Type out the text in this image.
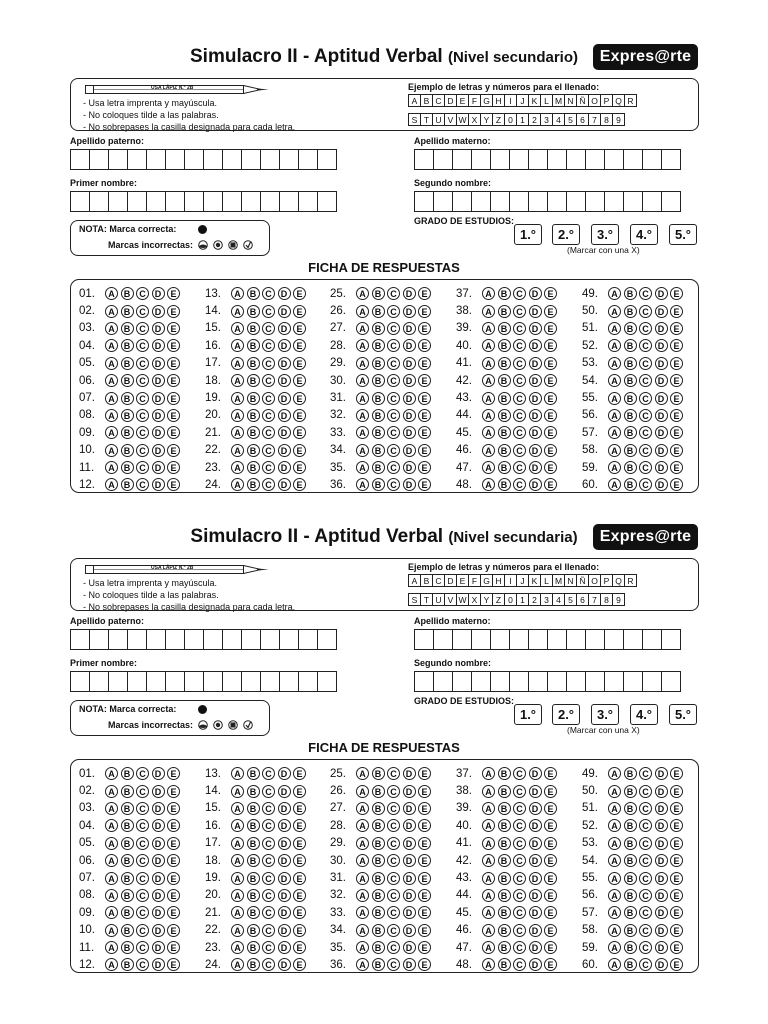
Simulacro II - Aptitud Verbal (Nivel secundario)	Expres@rte
USA LÁPIZ N.° 2B
- Usa letra imprenta y mayúscula.
- No coloques tilde a las palabras.
- No sobrepases la casilla designada para cada letra.
Ejemplo de letras y números para el llenado:
A B C D E F G H I	J K L M N Ñ O P Q R
S T U V W X Y Z 0 1 2 3 4 5 6 7 8 9
Apellido paterno:	Apellido materno:
Primer nombre:	Segundo nombre:
NOTA: Marca correcta:
Marcas incorrectas:
GRADO DE ESTUDIOS:
1.°	2.°	3.°	4.°	5.°
(Marcar con una X)
FICHA DE RESPUESTAS
01.	A	B	C	D	E
02.	A	B	C	D	E
03.	A	B	C	D	E
04.	A	B	C	D	E
05.	A	B	C	D	E
06.	A	B	C	D	E
07.	A	B	C	D	E
08.	A	B	C	D	E
09.	A	B	C	D	E
10.	A	B	C	D	E
11.	A	B	C	D	E
12.	A	B	C	D	E
13.	A	B	C	D	E
14.	A	B	C	D	E
15.	A	B	C	D	E
16.	A	B	C	D	E
17.	A	B	C	D	E
18.	A	B	C	D	E
19.	A	B	C	D	E
20.	A	B	C	D	E
21.	A	B	C	D	E
22.	A	B	C	D	E
23.	A	B	C	D	E
24.	A	B	C	D	E
25.	A	B	C	D	E
26.	A	B	C	D	E
27.	A	B	C	D	E
28.	A	B	C	D	E
29.	A	B	C	D	E
30.	A	B	C	D	E
31.	A	B	C	D	E
32.	A	B	C	D	E
33.	A	B	C	D	E
34.	A	B	C	D	E
35.	A	B	C	D	E
36.	A	B	C	D	E
37.	A	B	C	D	E
38.	A	B	C	D	E
39.	A	B	C	D	E
40.	A	B	C	D	E
41.	A	B	C	D	E
42.	A	B	C	D	E
43.	A	B	C	D	E
44.	A	B	C	D	E
45.	A	B	C	D	E
46.	A	B	C	D	E
47.	A	B	C	D	E
48.	A	B	C	D	E
49.	A	B	C	D	E
50.	A	B	C	D	E
51.	A	B	C	D	E
52.	A	B	C	D	E
53.	A	B	C	D	E
54.	A	B	C	D	E
55.	A	B	C	D	E
56.	A	B	C	D	E
57.	A	B	C	D	E
58.	A	B	C	D	E
59.	A	B	C	D	E
60.	A	B	C	D	E
Simulacro II - Aptitud Verbal (Nivel secundaria)	Expres@rte
USA LÁPIZ N.° 2B
- Usa letra imprenta y mayúscula.
- No coloques tilde a las palabras.
- No sobrepases la casilla designada para cada letra.
Ejemplo de letras y números para el llenado:
A B C D E F G H I	J K L M N Ñ O P Q R
S T U V W X Y Z 0 1 2 3 4 5 6 7 8 9
Apellido paterno:	Apellido materno:
Primer nombre:	Segundo nombre:
NOTA: Marca correcta:
Marcas incorrectas:
GRADO DE ESTUDIOS:
1.°	2.°	3.°	4.°	5.°
(Marcar con una X)
FICHA DE RESPUESTAS
01.	A	B	C	D	E
02.	A	B	C	D	E
03.	A	B	C	D	E
04.	A	B	C	D	E
05.	A	B	C	D	E
06.	A	B	C	D	E
07.	A	B	C	D	E
08.	A	B	C	D	E
09.	A	B	C	D	E
10.	A	B	C	D	E
11.	A	B	C	D	E
12.	A	B	C	D	E
13.	A	B	C	D	E
14.	A	B	C	D	E
15.	A	B	C	D	E
16.	A	B	C	D	E
17.	A	B	C	D	E
18.	A	B	C	D	E
19.	A	B	C	D	E
20.	A	B	C	D	E
21.	A	B	C	D	E
22.	A	B	C	D	E
23.	A	B	C	D	E
24.	A	B	C	D	E
25.	A	B	C	D	E
26.	A	B	C	D	E
27.	A	B	C	D	E
28.	A	B	C	D	E
29.	A	B	C	D	E
30.	A	B	C	D	E
31.	A	B	C	D	E
32.	A	B	C	D	E
33.	A	B	C	D	E
34.	A	B	C	D	E
35.	A	B	C	D	E
36.	A	B	C	D	E
37.	A	B	C	D	E
38.	A	B	C	D	E
39.	A	B	C	D	E
40.	A	B	C	D	E
41.	A	B	C	D	E
42.	A	B	C	D	E
43.	A	B	C	D	E
44.	A	B	C	D	E
45.	A	B	C	D	E
46.	A	B	C	D	E
47.	A	B	C	D	E
48.	A	B	C	D	E
49.	A	B	C	D	E
50.	A	B	C	D	E
51.	A	B	C	D	E
52.	A	B	C	D	E
53.	A	B	C	D	E
54.	A	B	C	D	E
55.	A	B	C	D	E
56.	A	B	C	D	E
57.	A	B	C	D	E
58.	A	B	C	D	E
59.	A	B	C	D	E
60.	A	B	C	D	E
